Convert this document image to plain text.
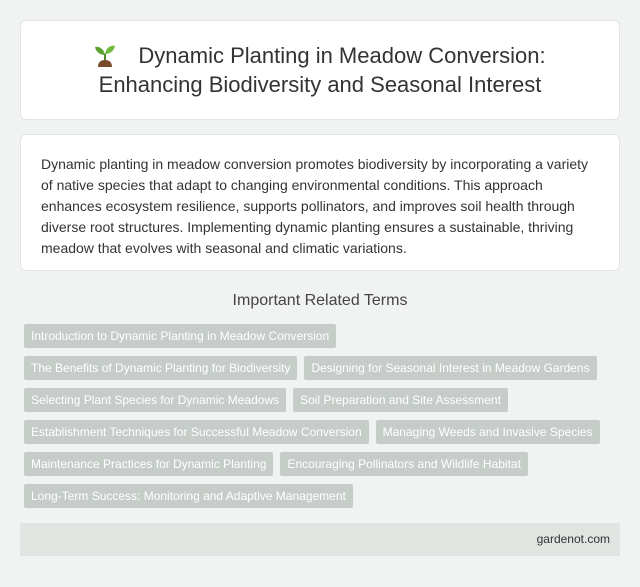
Dynamic Planting in Meadow Conversion: Enhancing Biodiversity and Seasonal Interest

Dynamic planting in meadow conversion promotes biodiversity by incorporating a variety of native species that adapt to changing environmental conditions. This approach enhances ecosystem resilience, supports pollinators, and improves soil health through diverse root structures. Implementing dynamic planting ensures a sustainable, thriving meadow that evolves with seasonal and climatic variations.

Important Related Terms
Introduction to Dynamic Planting in Meadow Conversion
The Benefits of Dynamic Planting for Biodiversity	Designing for Seasonal Interest in Meadow Gardens
Selecting Plant Species for Dynamic Meadows	Soil Preparation and Site Assessment
Establishment Techniques for Successful Meadow Conversion	Managing Weeds and Invasive Species
Maintenance Practices for Dynamic Planting	Encouraging Pollinators and Wildlife Habitat
Long-Term Success: Monitoring and Adaptive Management
gardenot.com
